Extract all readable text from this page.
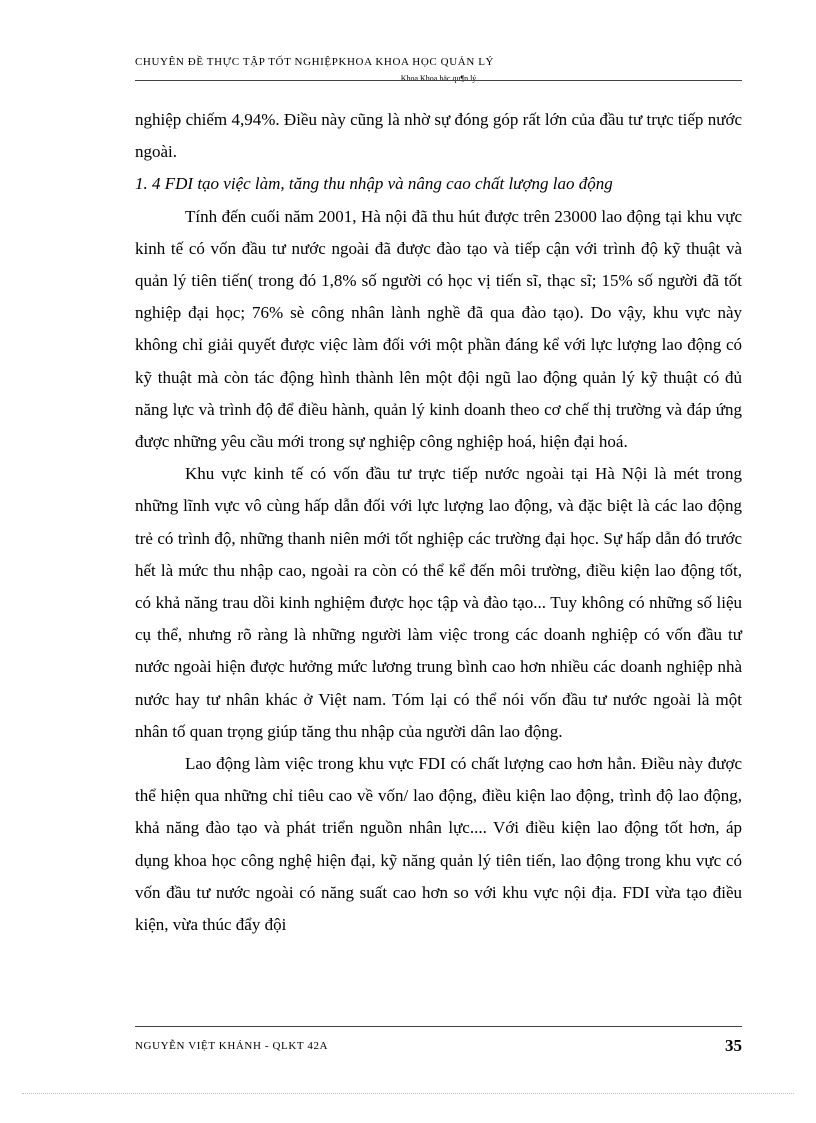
CHUYÊN ĐỀ THỰC TẬP TỐT NGHIỆPKHOA KHOA HỌC QUẢN LÝ
Khoa Khoa häc qu¶n lý

nghiệp chiếm 4,94%. Điều này cũng là nhờ sự đóng góp rất lớn của đầu tư trực tiếp nước ngoài.

1. 4 FDI tạo việc làm, tăng thu nhập và nâng cao chất lượng lao động

Tính đến cuối năm 2001, Hà nội đã thu hút được trên 23000 lao động tại khu vực kinh tế có vốn đầu tư nước ngoài đã được đào tạo và tiếp cận với trình độ kỹ thuật và quản lý tiên tiến( trong đó 1,8% số người có học vị tiến sĩ, thạc sĩ; 15% số người đã tốt nghiệp đại học; 76% sè công nhân lành nghề đã qua đào tạo). Do vậy, khu vực này không chỉ giải quyết được việc làm đối với một phần đáng kể với lực lượng lao động có kỹ thuật mà còn tác động hình thành lên một đội ngũ lao động quản lý kỹ thuật có đủ năng lực và trình độ để điều hành, quản lý kinh doanh theo cơ chế thị trường và đáp ứng được những yêu cầu mới trong sự nghiệp công nghiệp hoá, hiện đại hoá.

Khu vực kinh tế có vốn đầu tư trực tiếp nước ngoài tại Hà Nội là mét trong những lĩnh vực vô cùng hấp dẫn đối với lực lượng lao động, và đặc biệt là các lao động trẻ có trình độ, những thanh niên mới tốt nghiệp các trường đại học. Sự hấp dẫn đó trước hết là mức thu nhập cao, ngoài ra còn có thể kể đến môi trường, điều kiện lao động tốt, có khả năng trau dồi kinh nghiệm được học tập và đào tạo... Tuy không có những số liệu cụ thể, nhưng rõ ràng là những người làm việc trong các doanh nghiệp có vốn đầu tư nước ngoài hiện được hưởng mức lương trung bình cao hơn nhiều các doanh nghiệp nhà nước hay tư nhân khác ở Việt nam. Tóm lại có thể nói vốn đầu tư nước ngoài là một nhân tố quan trọng giúp tăng thu nhập của người dân lao động.

Lao động làm việc trong khu vực FDI có chất lượng cao hơn hẳn. Điều này được thể hiện qua những chỉ tiêu cao về vốn/ lao động, điều kiện lao động, trình độ lao động, khả năng đào tạo và phát triển nguồn nhân lực.... Với điều kiện lao động tốt hơn, áp dụng khoa học công nghệ hiện đại, kỹ năng quản lý tiên tiến, lao động trong khu vực có vốn đầu tư nước ngoài có năng suất cao hơn so với khu vực nội địa. FDI vừa tạo điều kiện, vừa thúc đẩy đội

NGUYỄN VIỆT KHÁNH - QLKT 42A	35
